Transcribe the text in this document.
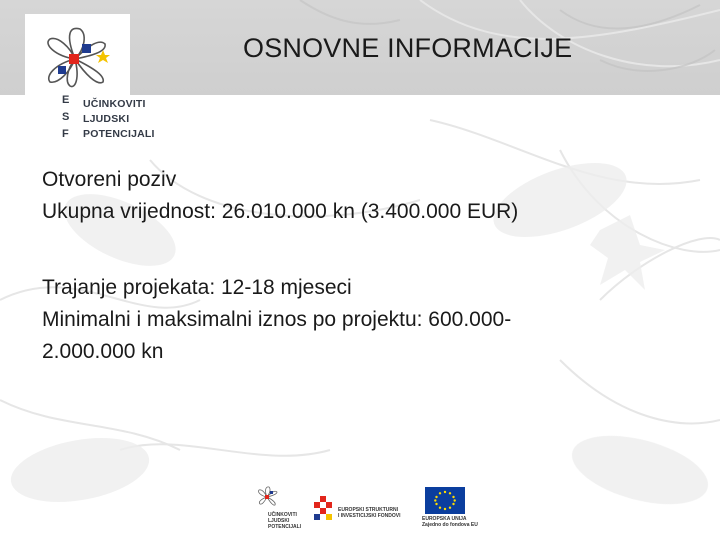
E
S
F
UČINKOVITI
LJUDSKI
POTENCIJALI
OSNOVNE INFORMACIJE
Otvoreni poziv
Ukupna vrijednost: 26.010.000 kn (3.400.000 EUR)
Trajanje projekata: 12-18 mjeseci
Minimalni i maksimalni iznos po projektu: 600.000-
2.000.000 kn
UČINKOVITI
LJUDSKI
POTENCIJALI
EUROPSKI STRUKTURNI
I INVESTICIJSKI FONDOVI	EUROPSKA UNIJA
Zajedno do fondova EU
